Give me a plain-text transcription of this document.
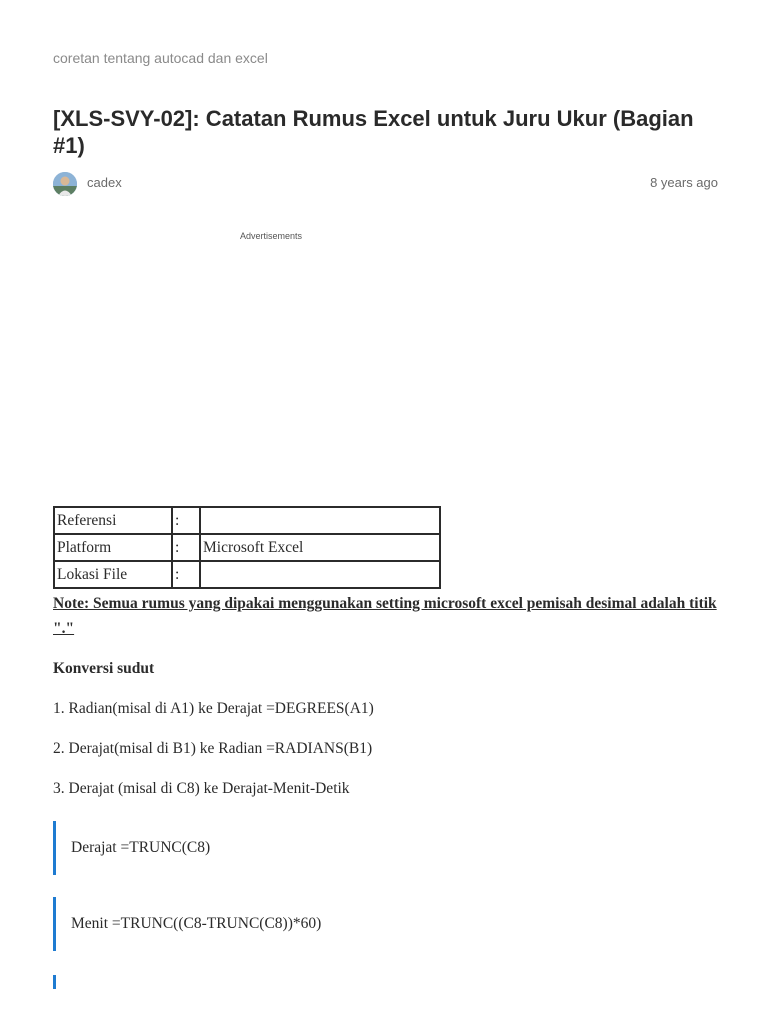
coretan tentang autocad dan excel
[XLS-SVY-02]: Catatan Rumus Excel untuk Juru Ukur (Bagian #1)
cadex	8 years ago
Advertisements
Referensi	:	
Platform	:	Microsoft Excel
Lokasi File	:	

Note: Semua rumus yang dipakai menggunakan setting microsoft excel pemisah desimal adalah titik "."

Konversi sudut

1. Radian(misal di A1) ke Derajat =DEGREES(A1)

2. Derajat(misal di B1) ke Radian =RADIANS(B1)

3. Derajat (misal di C8) ke Derajat-Menit-Detik

Derajat =TRUNC(C8)
Menit =TRUNC((C8-TRUNC(C8))*60)
